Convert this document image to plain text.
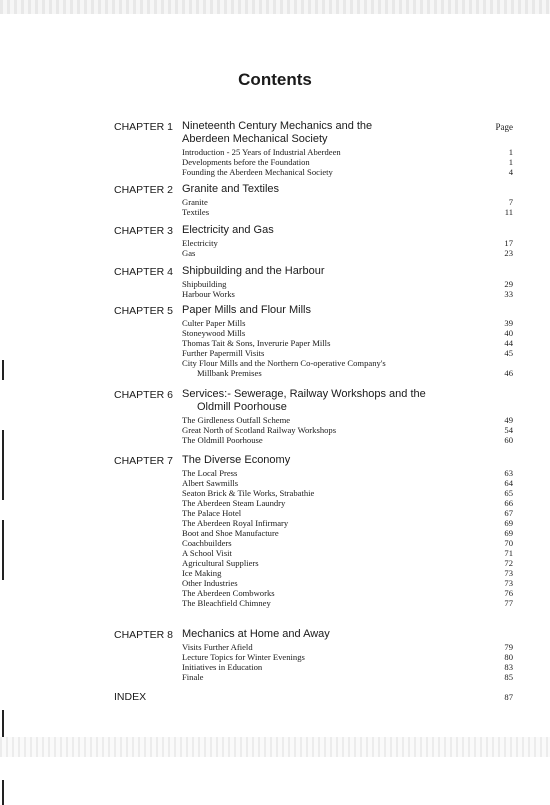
Contents
Page
CHAPTER 1 Nineteenth Century Mechanics and the
Aberdeen Mechanical Society
Introduction - 25 Years of Industrial Aberdeen	1
Developments before the Foundation	1
Founding the Aberdeen Mechanical Society	4
CHAPTER 2 Granite and Textiles
Granite	7
Textiles	11
CHAPTER 3 Electricity and Gas
Electricity	17
Gas	23
CHAPTER 4 Shipbuilding and the Harbour
Shipbuilding	29
Harbour Works	33
CHAPTER 5 Paper Mills and Flour Mills
Culter Paper Mills	39
Stoneywood Mills	40
Thomas Tait & Sons, Inverurie Paper Mills	44
Further Papermill Visits	45
City Flour Mills and the Northern Co-operative Company's
Millbank Premises	46
CHAPTER 6 Services:- Sewerage, Railway Workshops and the
Oldmill Poorhouse
The Girdleness Outfall Scheme	49
Great North of Scotland Railway Workshops	54
The Oldmill Poorhouse	60
CHAPTER 7 The Diverse Economy
The Local Press	63
Albert Sawmills	64
Seaton Brick & Tile Works, Strabathie	65
The Aberdeen Steam Laundry	66
The Palace Hotel	67
The Aberdeen Royal Infirmary	69
Boot and Shoe Manufacture	69
Coachbuilders	70
A School Visit	71
Agricultural Suppliers	72
Ice Making	73
Other Industries	73
The Aberdeen Combworks	76
The Bleachfield Chimney	77
CHAPTER 8 Mechanics at Home and Away
Visits Further Afield	79
Lecture Topics for Winter Evenings	80
Initiatives in Education	83
Finale	85
INDEX	87
